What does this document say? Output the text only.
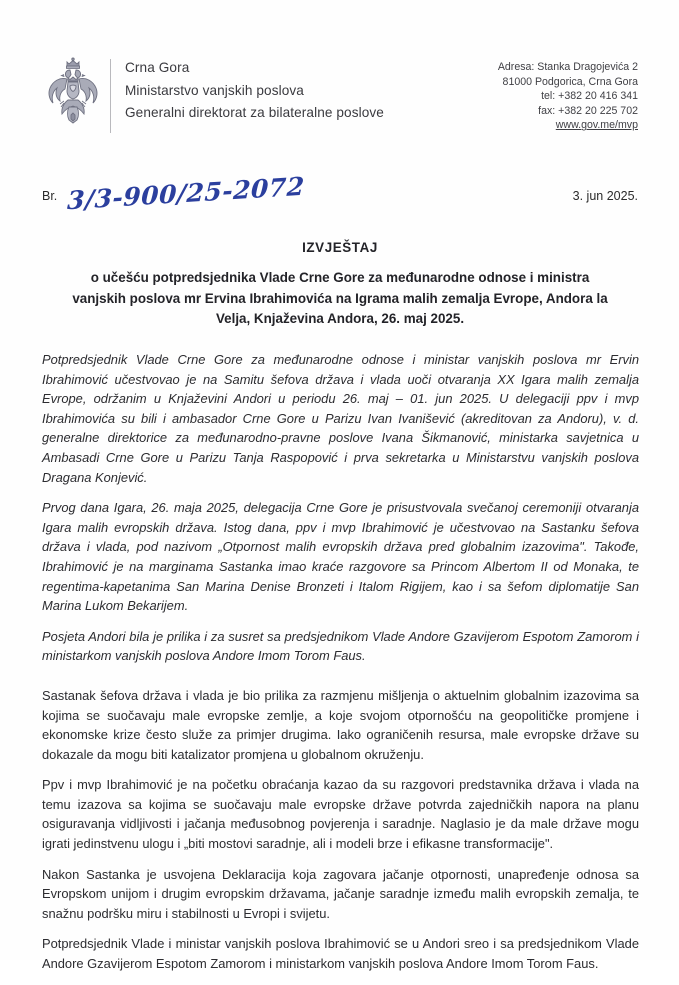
Crna Gora
Ministarstvo vanjskih poslova
Generalni direktorat za bilateralne poslove
Adresa: Stanka Dragojevića 2
81000 Podgorica, Crna Gora
tel: +382 20 416 341
fax: +382 20 225 702
www.gov.me/mvp
Br. 3/3-900/25-2072	3. jun 2025.
IZVJEŠTAJ
o učešću potpredsjednika Vlade Crne Gore za međunarodne odnose i ministra vanjskih poslova mr Ervina Ibrahimovića na Igrama malih zemalja Evrope, Andora la Velja, Knjaževina Andora, 26. maj 2025.

Potpredsjednik Vlade Crne Gore za međunarodne odnose i ministar vanjskih poslova mr Ervin Ibrahimović učestvovao je na Samitu šefova država i vlada uoči otvaranja XX Igara malih zemalja Evrope, održanim u Knjaževini Andori u periodu 26. maj – 01. jun 2025. U delegaciji ppv i mvp Ibrahimovića su bili i ambasador Crne Gore u Parizu Ivan Ivanišević (akreditovan za Andoru), v. d. generalne direktorice za međunarodno-pravne poslove Ivana Šikmanović, ministarka savjetnica u Ambasadi Crne Gore u Parizu Tanja Raspopović i prva sekretarka u Ministarstvu vanjskih poslova Dragana Konjević.

Prvog dana Igara, 26. maja 2025, delegacija Crne Gore je prisustvovala svečanoj ceremoniji otvaranja Igara malih evropskih država. Istog dana, ppv i mvp Ibrahimović je učestvovao na Sastanku šefova država i vlada, pod nazivom „Otpornost malih evropskih država pred globalnim izazovima". Takođe, Ibrahimović je na marginama Sastanka imao kraće razgovore sa Princom Albertom II od Monaka, te regentima-kapetanima San Marina Denise Bronzeti i Italom Rigijem, kao i sa šefom diplomatije San Marina Lukom Bekarijem.

Posjeta Andori bila je prilika i za susret sa predsjednikom Vlade Andore Gzavijerom Espotom Zamorom i ministarkom vanjskih poslova Andore Imom Torom Faus.

Sastanak šefova država i vlada je bio prilika za razmjenu mišljenja o aktuelnim globalnim izazovima sa kojima se suočavaju male evropske zemlje, a koje svojom otpornošću na geopolitičke promjene i ekonomske krize često služe za primjer drugima. Iako ograničenih resursa, male evropske države su dokazale da mogu biti katalizator promjena u globalnom okruženju.

Ppv i mvp Ibrahimović je na početku obraćanja kazao da su razgovori predstavnika država i vlada na temu izazova sa kojima se suočavaju male evropske države potvrda zajedničkih napora na planu osiguravanja vidljivosti i jačanja međusobnog povjerenja i saradnje. Naglasio je da male države mogu igrati jedinstvenu ulogu i „biti mostovi saradnje, ali i modeli brze i efikasne transformacije".

Nakon Sastanka je usvojena Deklaracija koja zagovara jačanje otpornosti, unapređenje odnosa sa Evropskom unijom i drugim evropskim državama, jačanje saradnje između malih evropskih zemalja, te snažnu podršku miru i stabilnosti u Evropi i svijetu.

Potpredsjednik Vlade i ministar vanjskih poslova Ibrahimović se u Andori sreo i sa predsjednikom Vlade Andore Gzavijerom Espotom Zamorom i ministarkom vanjskih poslova Andore Imom Torom Faus.
